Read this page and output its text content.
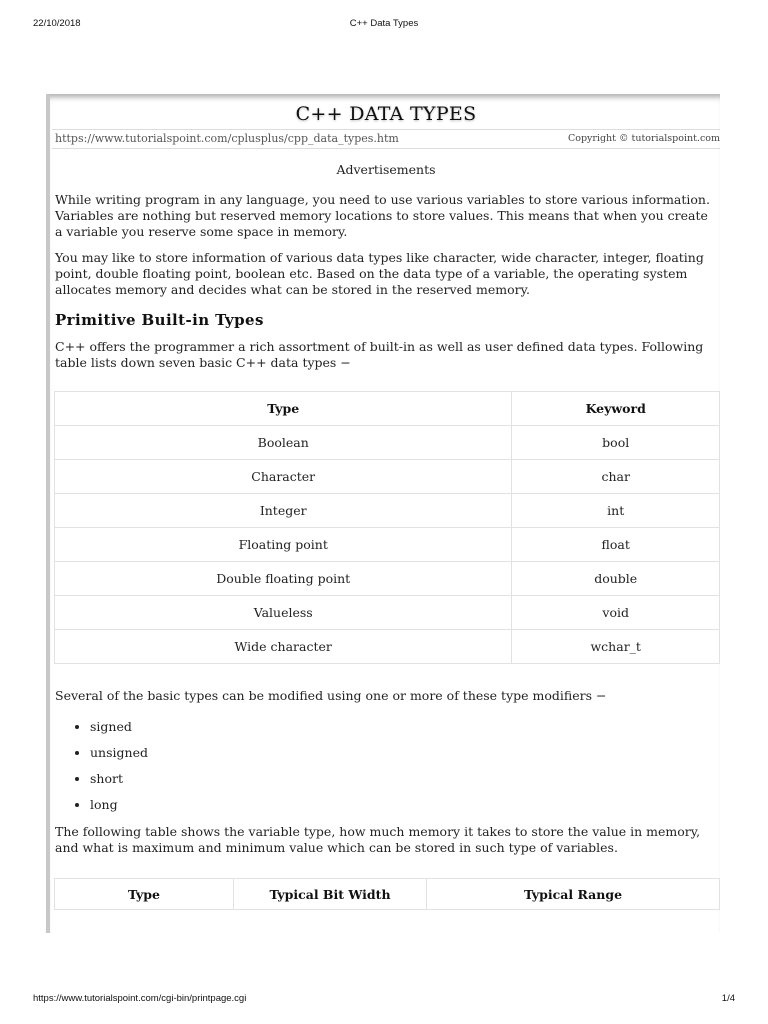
22/10/2018	C++ Data Types
C++ DATA TYPES
https://www.tutorialspoint.com/cplusplus/cpp_data_types.htm	Copyright © tutorialspoint.com
Advertisements

While writing program in any language, you need to use various variables to store various information. Variables are nothing but reserved memory locations to store values. This means that when you create a variable you reserve some space in memory.

You may like to store information of various data types like character, wide character, integer, floating point, double floating point, boolean etc. Based on the data type of a variable, the operating system allocates memory and decides what can be stored in the reserved memory.

Primitive Built-in Types

C++ offers the programmer a rich assortment of built-in as well as user defined data types. Following table lists down seven basic C++ data types −

Type	Keyword
Boolean	bool
Character	char
Integer	int
Floating point	float
Double floating point	double
Valueless	void
Wide character	wchar_t

Several of the basic types can be modified using one or more of these type modifiers −

• signed
• unsigned
• short
• long

The following table shows the variable type, how much memory it takes to store the value in memory, and what is maximum and minimum value which can be stored in such type of variables.

Type	Typical Bit Width	Typical Range
https://www.tutorialspoint.com/cgi-bin/printpage.cgi	1/4
